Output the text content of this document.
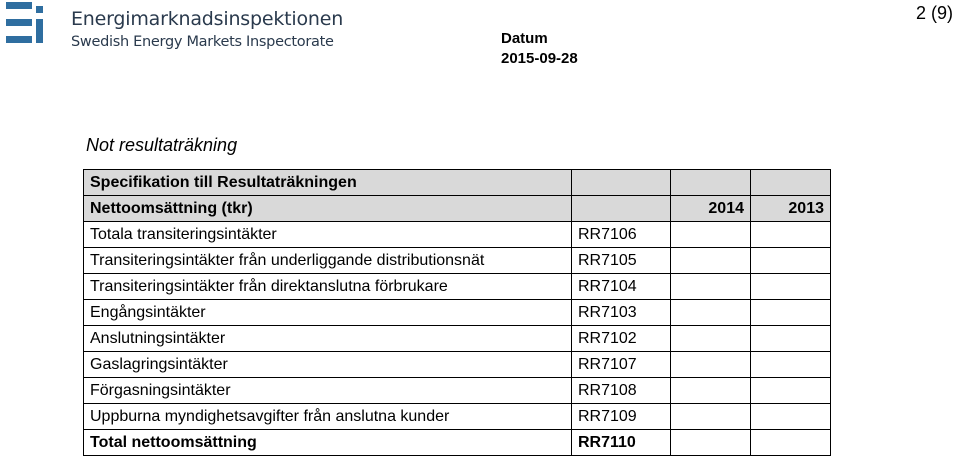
Energimarknadsinspektionen
Swedish Energy Markets Inspectorate
2 (9)
Datum
2015-09-28
Not resultaträkning
Specifikation till Resultaträkningen			
Nettoomsättning (tkr)		2014	2013
Totala transiteringsintäkter	RR7106		
Transiteringsintäkter från underliggande distributionsnät	RR7105		
Transiteringsintäkter från direktanslutna förbrukare	RR7104		
Engångsintäkter	RR7103		
Anslutningsintäkter	RR7102		
Gaslagringsintäkter	RR7107		
Förgasningsintäkter	RR7108		
Uppburna myndighetsavgifter från anslutna kunder	RR7109		
Total nettoomsättning	RR7110		
